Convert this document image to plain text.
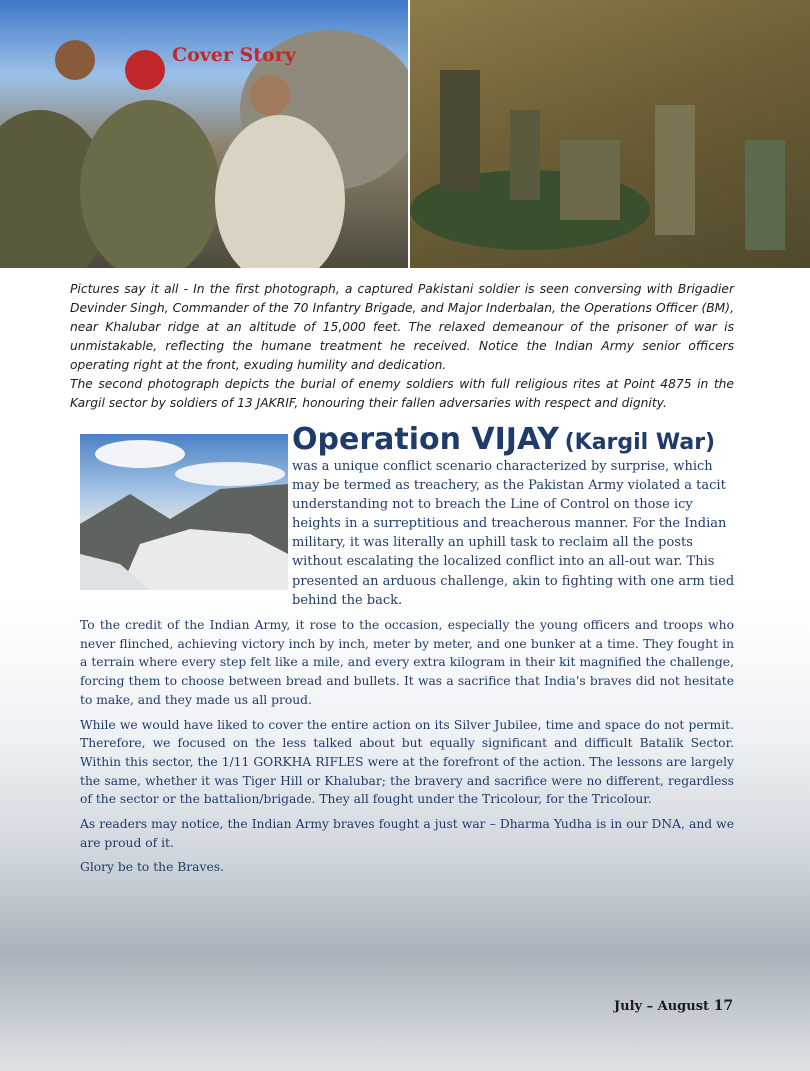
Cover Story

Pictures say it all - In the first photograph, a captured Pakistani soldier is seen conversing with Brigadier Devinder Singh, Commander of the 70 Infantry Brigade, and Major Inderbalan, the Operations Officer (BM), near Khalubar ridge at an altitude of 15,000 feet. The relaxed demeanour of the prisoner of war is unmistakable, reflecting the humane treatment he received. Notice the Indian Army senior officers operating right at the front, exuding humility and dedication.

The second photograph depicts the burial of enemy soldiers with full religious rites at Point 4875 in the Kargil sector by soldiers of 13 JAKRIF, honouring their fallen adversaries with respect and dignity.

Operation VIJAY (Kargil War)

was a unique conflict scenario characterized by surprise, which may be termed as treachery, as the Pakistan Army violated a tacit understanding not to breach the Line of Control on those icy heights in a surreptitious and treacherous manner. For the Indian military, it was literally an uphill task to reclaim all the posts without escalating the localized conflict into an all-out war. This presented an arduous challenge, akin to fighting with one arm tied behind the back.

To the credit of the Indian Army, it rose to the occasion, especially the young officers and troops who never flinched, achieving victory inch by inch, meter by meter, and one bunker at a time. They fought in a terrain where every step felt like a mile, and every extra kilogram in their kit magnified the challenge, forcing them to choose between bread and bullets. It was a sacrifice that India's braves did not hesitate to make, and they made us all proud.

While we would have liked to cover the entire action on its Silver Jubilee, time and space do not permit. Therefore, we focused on the less talked about but equally significant and difficult Batalik Sector. Within this sector, the 1/11 GORKHA RIFLES were at the forefront of the action. The lessons are largely the same, whether it was Tiger Hill or Khalubar; the bravery and sacrifice were no different, regardless of the sector or the battalion/brigade. They all fought under the Tricolour, for the Tricolour.

As readers may notice, the Indian Army braves fought a just war – Dharma Yudha is in our DNA, and we are proud of it.

Glory be to the Braves.

July – August 17
